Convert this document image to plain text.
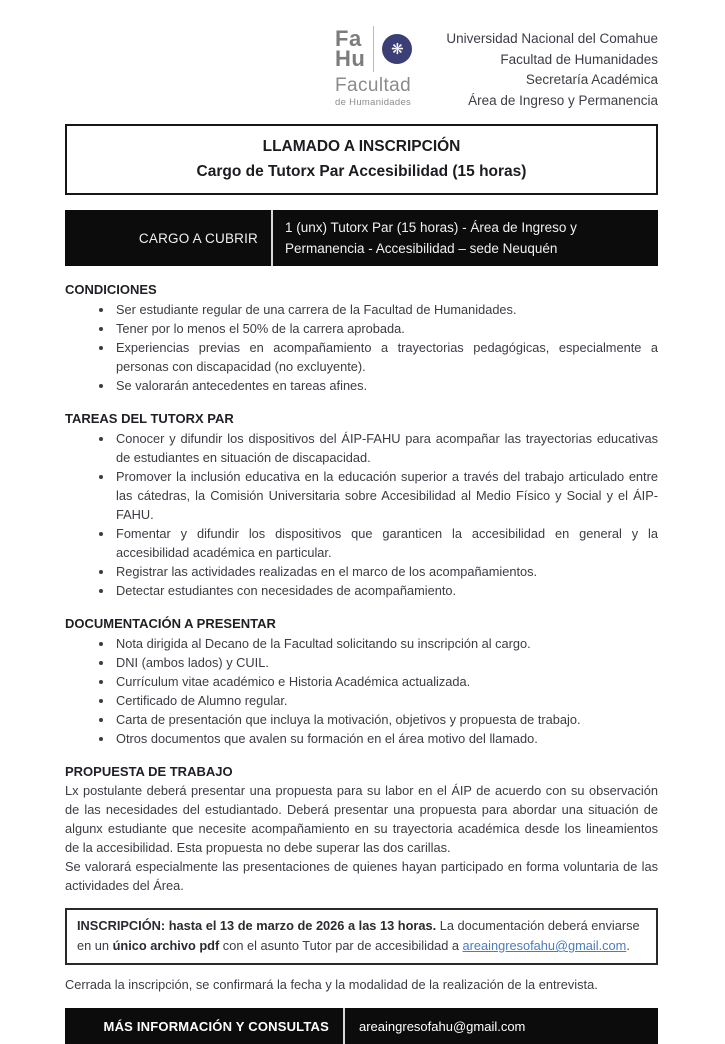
Fa
Hu	❋
Facultad
de Humanidades
Universidad Nacional del Comahue
Facultad de Humanidades
Secretaría Académica
Área de Ingreso y Permanencia
LLAMADO A INSCRIPCIÓN
Cargo de Tutorx Par Accesibilidad (15 horas)
CARGO A CUBRIR
1 (unx) Tutorx Par (15 horas) - Área de Ingreso y Permanencia - Accesibilidad – sede Neuquén
CONDICIONES
• Ser estudiante regular de una carrera de la Facultad de Humanidades.
• Tener por lo menos el 50% de la carrera aprobada.
• Experiencias previas en acompañamiento a trayectorias pedagógicas, especialmente a personas con discapacidad (no excluyente).
• Se valorarán antecedentes en tareas afines.
TAREAS DEL TUTORX PAR
• Conocer y difundir los dispositivos del ÁIP-FAHU para acompañar las trayectorias educativas de estudiantes en situación de discapacidad.
• Promover la inclusión educativa en la educación superior a través del trabajo articulado entre las cátedras, la Comisión Universitaria sobre Accesibilidad al Medio Físico y Social y el ÁIP-FAHU.
• Fomentar y difundir los dispositivos que garanticen la accesibilidad en general y la accesibilidad académica en particular.
• Registrar las actividades realizadas en el marco de los acompañamientos.
• Detectar estudiantes con necesidades de acompañamiento.
DOCUMENTACIÓN A PRESENTAR
• Nota dirigida al Decano de la Facultad solicitando su inscripción al cargo.
• DNI (ambos lados) y CUIL.
• Currículum vitae académico e Historia Académica actualizada.
• Certificado de Alumno regular.
• Carta de presentación que incluya la motivación, objetivos y propuesta de trabajo.
• Otros documentos que avalen su formación en el área motivo del llamado.
PROPUESTA DE TRABAJO

Lx postulante deberá presentar una propuesta para su labor en el ÁIP de acuerdo con su observación de las necesidades del estudiantado. Deberá presentar una propuesta para abordar una situación de algunx estudiante que necesite acompañamiento en su trayectoria académica desde los lineamientos de la accesibilidad. Esta propuesta no debe superar las dos carillas.

Se valorará especialmente las presentaciones de quienes hayan participado en forma voluntaria de las actividades del Área.

INSCRIPCIÓN: hasta el 13 de marzo de 2026 a las 13 horas. La documentación deberá enviarse en un único archivo pdf con el asunto Tutor par de accesibilidad a areaingresofahu@gmail.com.
Cerrada la inscripción, se confirmará la fecha y la modalidad de la realización de la entrevista.
MÁS INFORMACIÓN Y CONSULTAS	areaingresofahu@gmail.com
